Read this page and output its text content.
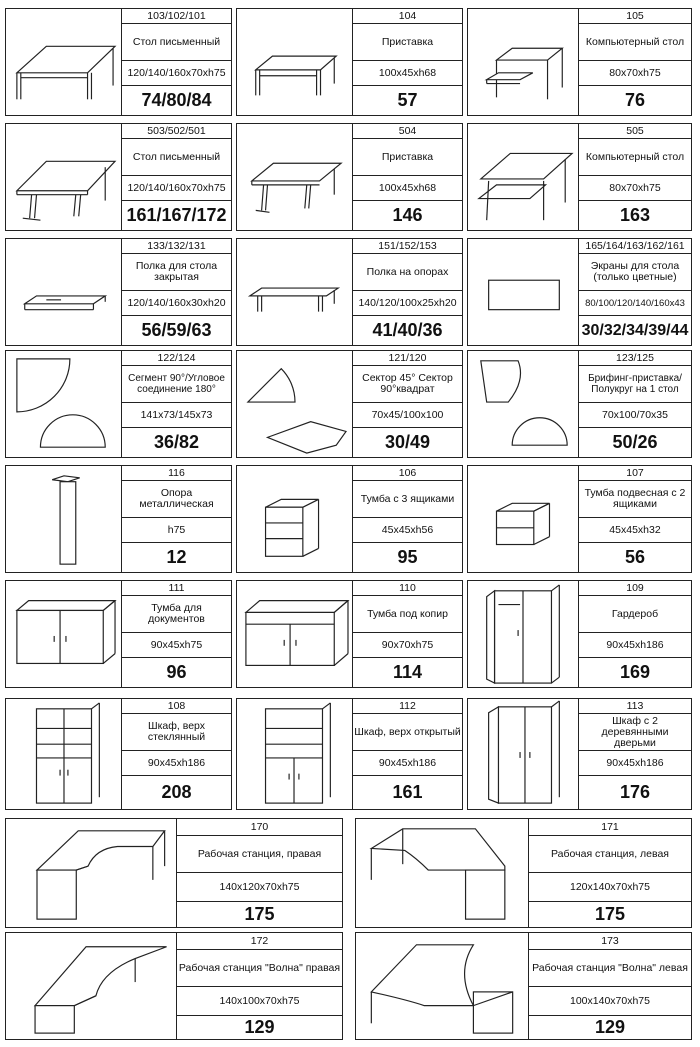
103/102/101
Стол письменный
120/140/160x70xh75
74/80/84
104
Приставка
100x45xh68
57
105
Компьютерный стол
80x70xh75
76
503/502/501
Стол письменный
120/140/160x70xh75
161/167/172
504
Приставка
100x45xh68
146
505
Компьютерный стол
80x70xh75
163
133/132/131
Полка для стола закрытая
120/140/160x30xh20
56/59/63
151/152/153
Полка на опорах
140/120/100x25xh20
41/40/36
165/164/163/162/161
Экраны для стола (только цветные)
80/100/120/140/160x43
30/32/34/39/44
122/124
Сегмент 90°/Угловое соединение 180°
141x73/145x73
36/82
121/120
Сектор 45° Сектор 90°квадрат
70x45/100x100
30/49
123/125
Брифинг-приставка/ Полукруг на 1 стол
70x100/70x35
50/26
116
Опора металлическая
h75
12
106
Тумба с 3 ящиками
45x45xh56
95
107
Тумба подвесная с 2 ящиками
45x45xh32
56
111
Тумба для документов
90x45xh75
96
110
Тумба под копир
90x70xh75
114
109
Гардероб
90x45xh186
169
108
Шкаф, верх стеклянный
90x45xh186
208
112
Шкаф, верх открытый
90x45xh186
161
113
Шкаф с 2 деревянными дверьми
90x45xh186
176
170
Рабочая станция, правая
140x120x70xh75
175
171
Рабочая станция, левая
120x140x70xh75
175
172
Рабочая станция "Волна" правая
140x100x70xh75
129
173
Рабочая станция "Волна" левая
100x140x70xh75
129
